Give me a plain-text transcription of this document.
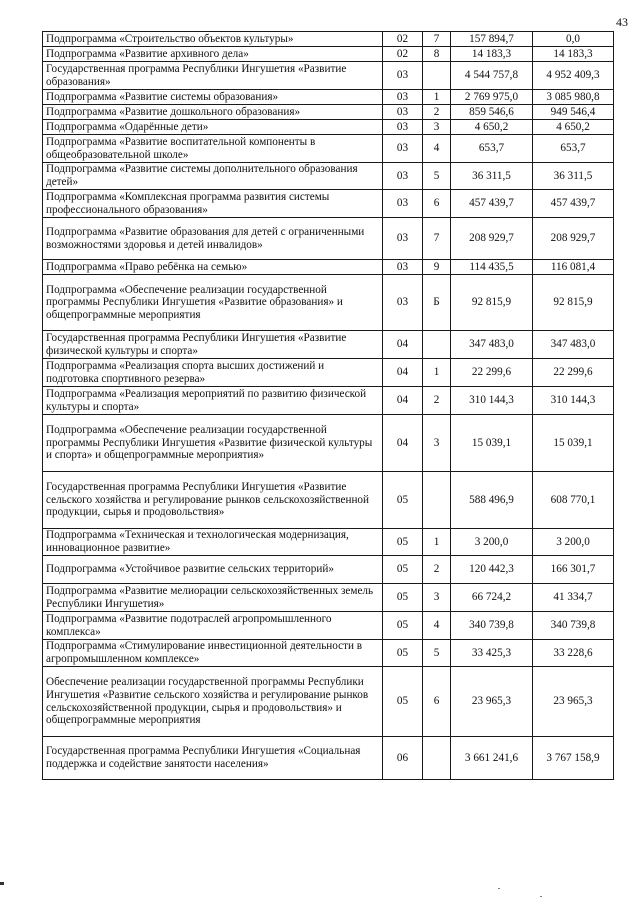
43
Подпрограмма «Строительство объектов культуры»	02	7	157 894,7	0,0
Подпрограмма «Развитие архивного дела»	02	8	14 183,3	14 183,3
Государственная программа Республики Ингушетия «Развитие образования»	03		4 544 757,8	4 952 409,3
Подпрограмма «Развитие системы образования»	03	1	2 769 975,0	3 085 980,8
Подпрограмма «Развитие дошкольного образования»	03	2	859 546,6	949 546,4
Подпрограмма «Одарённые дети»	03	3	4 650,2	4 650,2
Подпрограмма «Развитие воспитательной компоненты в общеобразовательной школе»	03	4	653,7	653,7
Подпрограмма «Развитие системы дополнительного образования детей»	03	5	36 311,5	36 311,5
Подпрограмма «Комплексная программа развития системы профессионального образования»	03	6	457 439,7	457 439,7
Подпрограмма «Развитие образования для детей с ограниченными возможностями здоровья и детей инвалидов»	03	7	208 929,7	208 929,7
Подпрограмма «Право ребёнка на семью»	03	9	114 435,5	116 081,4
Подпрограмма «Обеспечение реализации государственной программы Республики Ингушетия «Развитие образования» и общепрограммные мероприятия	03	Б	92 815,9	92 815,9
Государственная программа Республики Ингушетия «Развитие физической культуры и спорта»	04		347 483,0	347 483,0
Подпрограмма «Реализация спорта высших достижений и подготовка спортивного резерва»	04	1	22 299,6	22 299,6
Подпрограмма «Реализация мероприятий по развитию физической культуры и спорта»	04	2	310 144,3	310 144,3
Подпрограмма «Обеспечение реализации государственной программы Республики Ингушетия «Развитие физической культуры и спорта» и общепрограммные мероприятия»	04	3	15 039,1	15 039,1
Государственная программа Республики Ингушетия «Развитие сельского хозяйства и регулирование рынков сельскохозяйственной продукции, сырья и продовольствия»	05		588 496,9	608 770,1
Подпрограмма «Техническая и технологическая модернизация, инновационное развитие»	05	1	3 200,0	3 200,0
Подпрограмма «Устойчивое развитие сельских территорий»	05	2	120 442,3	166 301,7
Подпрограмма «Развитие мелиорации сельскохозяйственных земель Республики Ингушетия»	05	3	66 724,2	41 334,7
Подпрограмма «Развитие подотраслей агропромышленного комплекса»	05	4	340 739,8	340 739,8
Подпрограмма «Стимулирование инвестиционной деятельности в агропромышленном комплексе»	05	5	33 425,3	33 228,6
Обеспечение реализации государственной программы Республики Ингушетия «Развитие сельского хозяйства и регулирование рынков сельскохозяйственной продукции, сырья и продовольствия» и общепрограммные мероприятия	05	6	23 965,3	23 965,3
Государственная программа Республики Ингушетия «Социальная поддержка и содействие занятости населения»	06		3 661 241,6	3 767 158,9
